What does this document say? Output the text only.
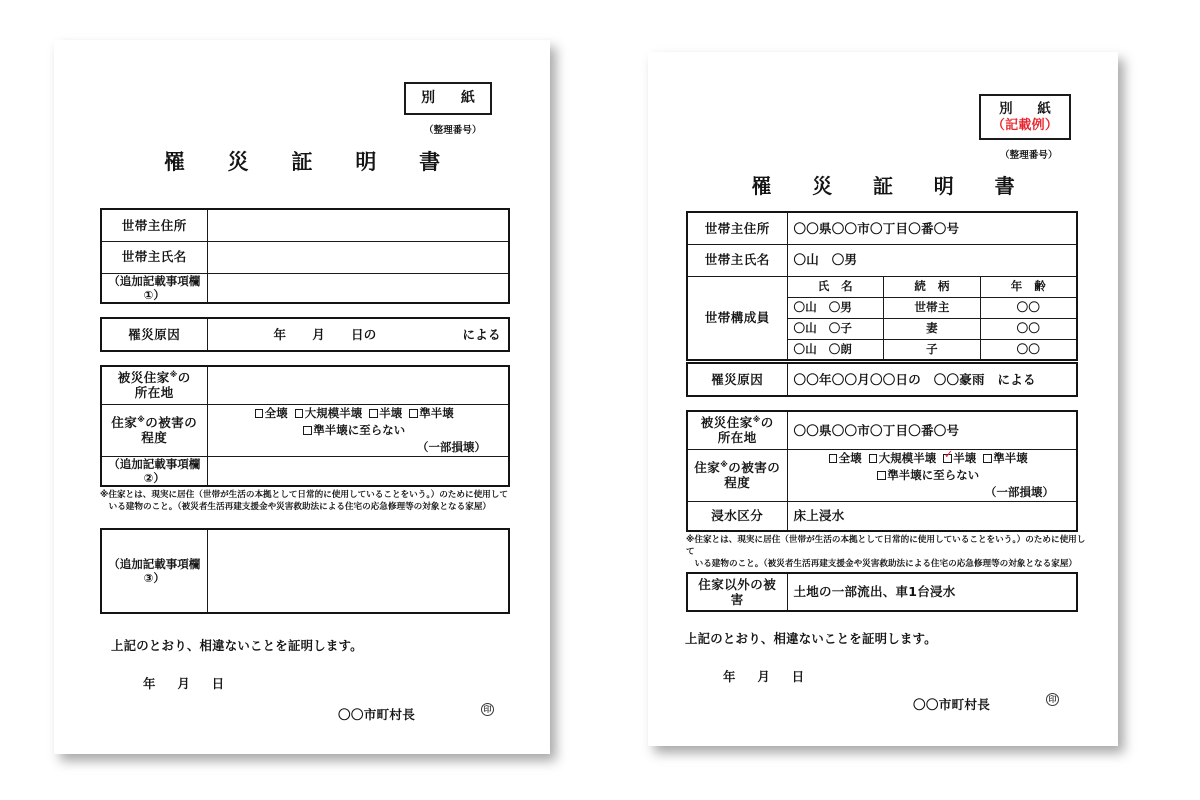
別　紙
（整理番号）
罹　災　証　明　書
世帯主住所	
世帯主氏名	
（追加記載事項欄①）	
罹災原因	年 月 日の	による
被災住家※の
所在地	
住家※の被害の
程度	全壊 大規模半壊 半壊 準半壊準半壊に至らない
（一部損壊）

（追加記載事項欄②）	
※住家とは、現実に居住（世帯が生活の本拠として日常的に使用していることをいう。）のために使用して
いる建物のこと。（被災者生活再建支援金や災害救助法による住宅の応急修理等の対象となる家屋）
（追加記載事項欄③）	
上記のとおり、相違ないことを証明します。
年 月 日
〇〇市町村長	印
別　紙
（記載例）
（整理番号）
罹　災　証　明　書
世帯主住所	〇〇県〇〇市〇丁目〇番〇号		
世帯主氏名	〇山　〇男		
世帯構成員	氏　名	続　柄	年　齢
	〇山　〇男	世帯主	〇〇
	〇山　〇子	妻	〇〇
	〇山　〇朗	子	〇〇
罹災原因	〇〇年〇〇月〇〇日の　〇〇豪雨　による
被災住家※の
所在地	〇〇県〇〇市〇丁目〇番〇号
住家※の被害の
程度	全壊 大規模半壊 ✓ 半壊 準半壊準半壊に至らない
（一部損壊）

浸水区分	床上浸水
※住家とは、現実に居住（世帯が生活の本拠として日常的に使用していることをいう。）のために使用して
いる建物のこと。（被災者生活再建支援金や災害救助法による住宅の応急修理等の対象となる家屋）
住家以外の被害	土地の一部流出、車1台浸水
上記のとおり、相違ないことを証明します。
年 月 日
〇〇市町村長	印
